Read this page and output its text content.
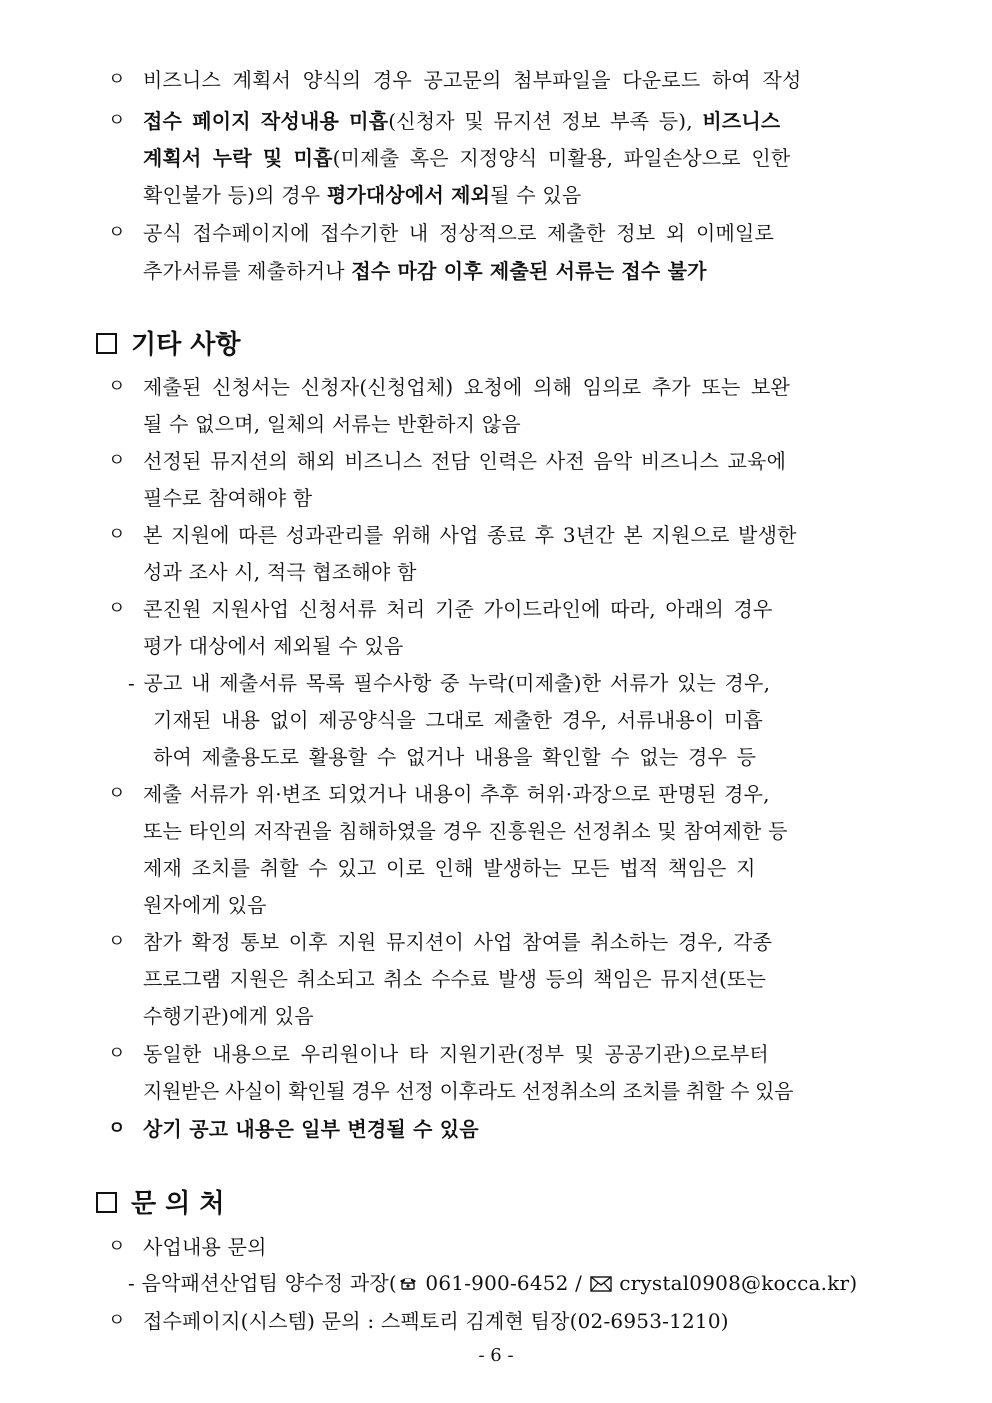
ㅇ 비즈니스 계획서 양식의 경우 공고문의 첨부파일을 다운로드 하여 작성
ㅇ 접수 페이지 작성내용 미흡(신청자 및 뮤지션 정보 부족 등), 비즈니스
계획서 누락 및 미흡(미제출 혹은 지정양식 미활용, 파일손상으로 인한
확인불가 등)의 경우 평가대상에서 제외될 수 있음
ㅇ 공식 접수페이지에 접수기한 내 정상적으로 제출한 정보 외 이메일로
추가서류를 제출하거나 접수 마감 이후 제출된 서류는 접수 불가
기타 사항
ㅇ 제출된 신청서는 신청자(신청업체) 요청에 의해 임의로 추가 또는 보완
될 수 없으며, 일체의 서류는 반환하지 않음
ㅇ 선정된 뮤지션의 해외 비즈니스 전담 인력은 사전 음악 비즈니스 교육에
필수로 참여해야 함
ㅇ 본 지원에 따른 성과관리를 위해 사업 종료 후 3년간 본 지원으로 발생한
성과 조사 시, 적극 협조해야 함
ㅇ 콘진원 지원사업 신청서류 처리 기준 가이드라인에 따라, 아래의 경우
평가 대상에서 제외될 수 있음
- 공고 내 제출서류 목록 필수사항 중 누락(미제출)한 서류가 있는 경우,
기재된 내용 없이 제공양식을 그대로 제출한 경우, 서류내용이 미흡
하여 제출용도로 활용할 수 없거나 내용을 확인할 수 없는 경우 등
ㅇ 제출 서류가 위·변조 되었거나 내용이 추후 허위·과장으로 판명된 경우,
또는 타인의 저작권을 침해하였을 경우 진흥원은 선정취소 및 참여제한 등
제재 조치를 취할 수 있고 이로 인해 발생하는 모든 법적 책임은 지
원자에게 있음
ㅇ 참가 확정 통보 이후 지원 뮤지션이 사업 참여를 취소하는 경우, 각종
프로그램 지원은 취소되고 취소 수수료 발생 등의 책임은 뮤지션(또는
수행기관)에게 있음
ㅇ 동일한 내용으로 우리원이나 타 지원기관(정부 및 공공기관)으로부터
지원받은 사실이 확인될 경우 선정 이후라도 선정취소의 조치를 취할 수 있음
ㅇ 상기 공고 내용은 일부 변경될 수 있음
문 의 처
ㅇ 사업내용 문의
- 음악패션산업팀 양수정 과장( 061-900-6452 /  crystal0908@kocca.kr)
ㅇ 접수페이지(시스템) 문의 : 스펙토리 김계현 팀장(02-6953-1210)
- 6 -
